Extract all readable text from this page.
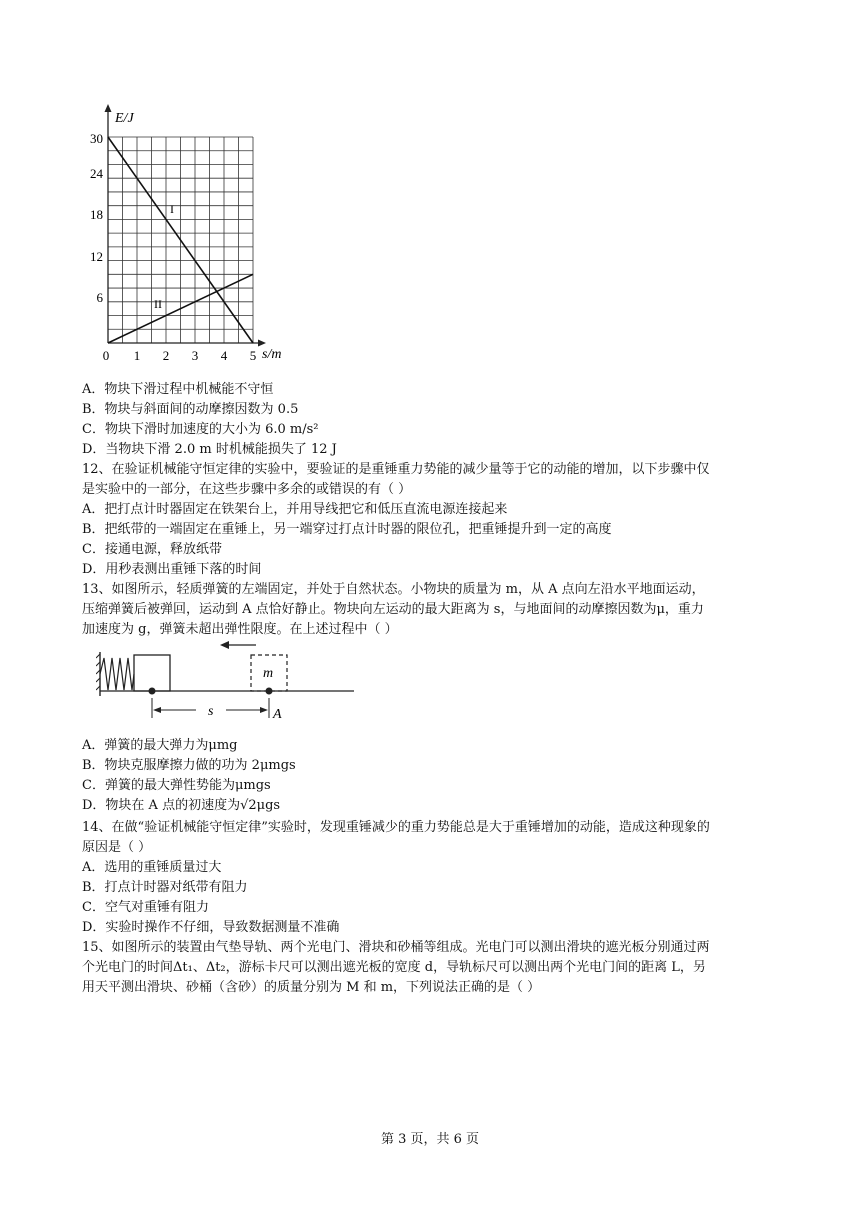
E/J
s/m
30
24
18
12
6
0 1 2 3 4 5
I
II
A．物块下滑过程中机械能不守恒
B．物块与斜面间的动摩擦因数为 0.5
C．物块下滑时加速度的大小为 6.0 m/s²
D．当物块下滑 2.0 m 时机械能损失了 12 J
12、在验证机械能守恒定律的实验中，要验证的是重锤重力势能的减少量等于它的动能的增加，以下步骤中仅
是实验中的一部分，在这些步骤中多余的或错误的有（ ）
A．把打点计时器固定在铁架台上，并用导线把它和低压直流电源连接起来
B．把纸带的一端固定在重锤上，另一端穿过打点计时器的限位孔，把重锤提升到一定的高度
C．接通电源，释放纸带
D．用秒表测出重锤下落的时间
13、如图所示，轻质弹簧的左端固定，并处于自然状态。小物块的质量为 m，从 A 点向左沿水平地面运动，
压缩弹簧后被弹回，运动到 A 点恰好静止。物块向左运动的最大距离为 s，与地面间的动摩擦因数为μ，重力
加速度为 g，弹簧未超出弹性限度。在上述过程中（ ）
m
s	A
A．弹簧的最大弹力为μmg
B．物块克服摩擦力做的功为 2μmgs
C．弹簧的最大弹性势能为μmgs
D．物块在 A 点的初速度为√2μgs
14、在做“验证机械能守恒定律”实验时，发现重锤减少的重力势能总是大于重锤增加的动能，造成这种现象的
原因是（ ）
A．选用的重锤质量过大
B．打点计时器对纸带有阻力
C．空气对重锤有阻力
D．实验时操作不仔细，导致数据测量不准确
15、如图所示的装置由气垫导轨、两个光电门、滑块和砂桶等组成。光电门可以测出滑块的遮光板分别通过两
个光电门的时间Δt₁、Δt₂，游标卡尺可以测出遮光板的宽度 d，导轨标尺可以测出两个光电门间的距离 L，另
用天平测出滑块、砂桶（含砂）的质量分别为 M 和 m，下列说法正确的是（ ）
第 3 页，共 6 页
